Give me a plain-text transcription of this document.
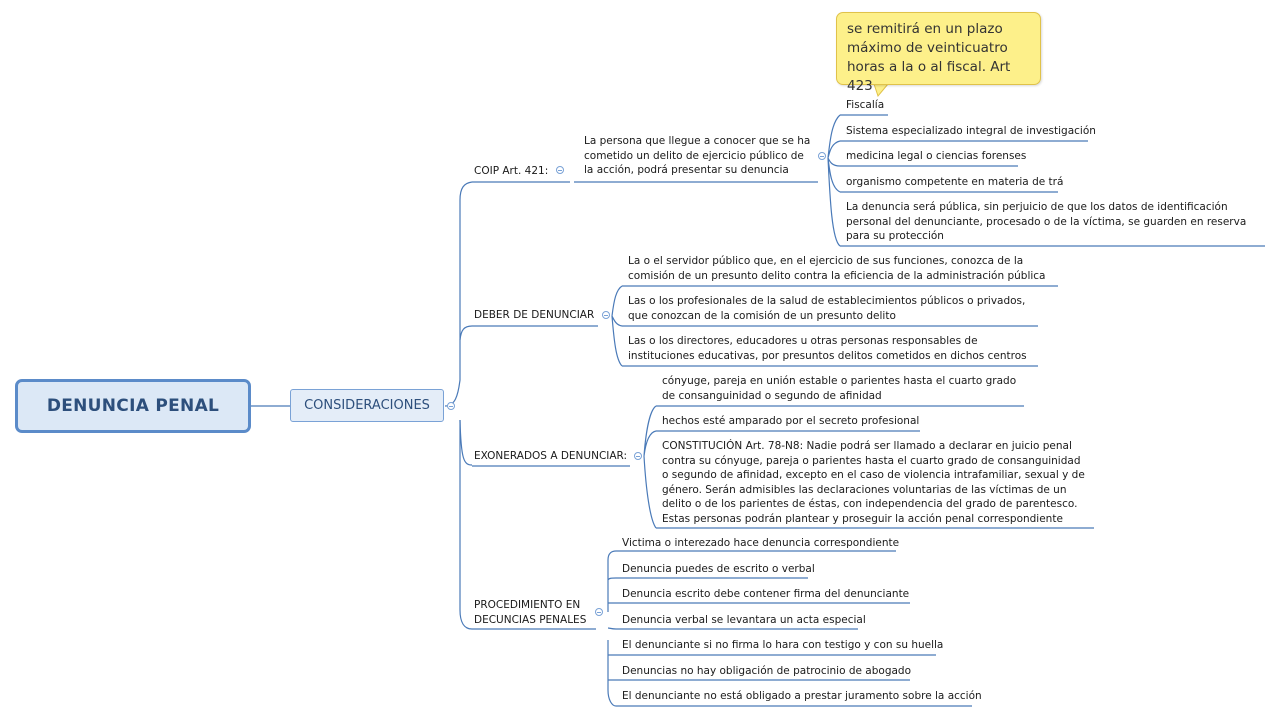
DENUNCIA PENAL	CONSIDERACIONES
se remitirá en un plazo máximo de veinticuatro horas a la o al fiscal. Art 423
COIP Art. 421:
La persona que llegue a conocer que se ha cometido un delito de ejercicio público de la acción, podrá presentar su denuncia
Fiscalía
Sistema especializado integral de investigación
medicina legal o ciencias forenses
organismo competente en materia de trá
La denuncia será pública, sin perjuicio de que los datos de identificación personal del denunciante, procesado o de la víctima, se guarden en reserva para su protección
DEBER DE DENUNCIAR
La o el servidor público que, en el ejercicio de sus funciones, conozca de la comisión de un presunto delito contra la eficiencia de la administración pública
Las o los profesionales de la salud de establecimientos públicos o privados, que conozcan de la comisión de un presunto delito
Las o los directores, educadores u otras personas responsables de instituciones educativas, por presuntos delitos cometidos en dichos centros
EXONERADOS A DENUNCIAR:
cónyuge, pareja en unión estable o parientes hasta el cuarto grado de consanguinidad o segundo de afinidad
hechos esté amparado por el secreto profesional
CONSTITUCIÓN Art. 78-N8: Nadie podrá ser llamado a declarar en juicio penal contra su cónyuge, pareja o parientes hasta el cuarto grado de consanguinidad o segundo de afinidad, excepto en el caso de violencia intrafamiliar, sexual y de género. Serán admisibles las declaraciones voluntarias de las víctimas de un delito o de los parientes de éstas, con independencia del grado de parentesco. Estas personas podrán plantear y proseguir la acción penal correspondiente
PROCEDIMIENTO EN DECUNCIAS PENALES
Victima o interezado hace denuncia correspondiente
Denuncia puedes de escrito o verbal
Denuncia escrito debe contener firma del denunciante
Denuncia verbal se levantara un acta especial
El denunciante si no firma lo hara con testigo y con su huella
Denuncias no hay obligación de patrocinio de abogado
El denunciante no está obligado a prestar juramento sobre la acción
